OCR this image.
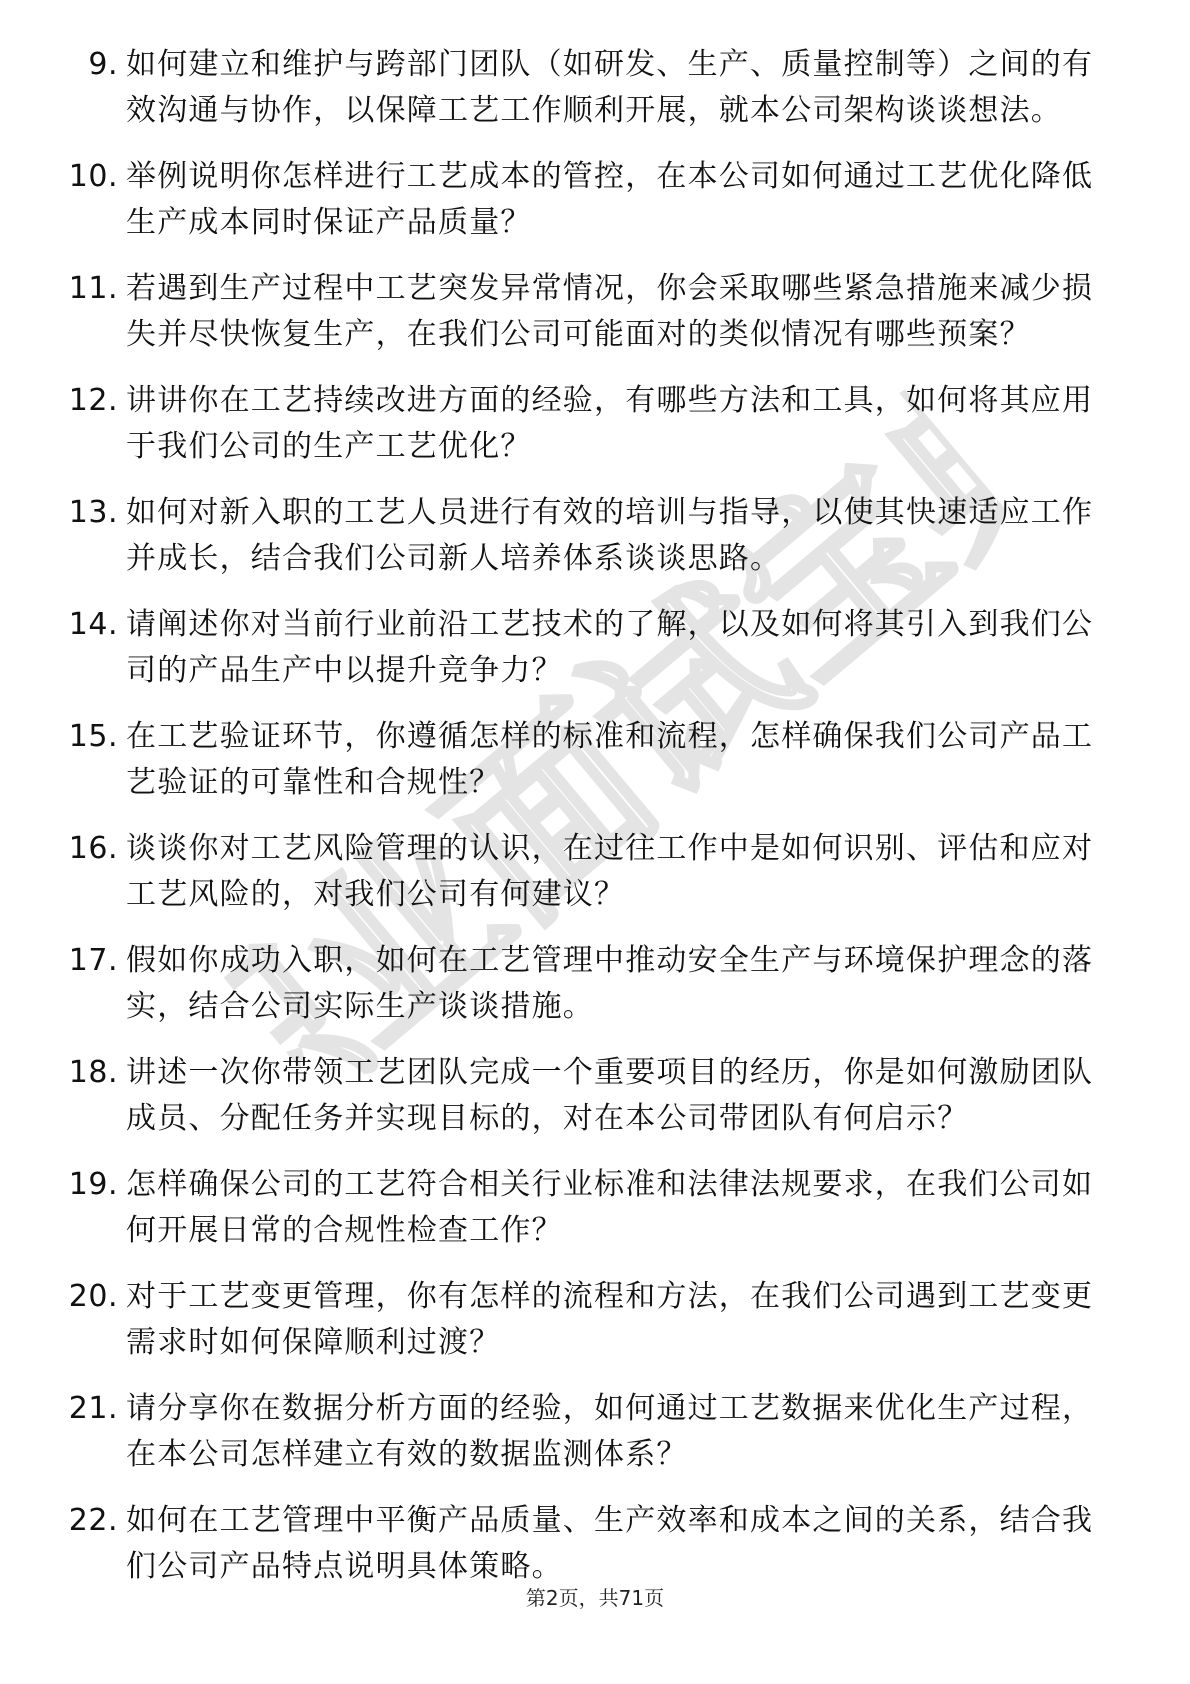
职业面试宝典
9. 如何建立和维护与跨部门团队（如研发、生产、质量控制等）之间的有效沟通与协作，以保障工艺工作顺利开展，就本公司架构谈谈想法。
10. 举例说明你怎样进行工艺成本的管控，在本公司如何通过工艺优化降低生产成本同时保证产品质量？
11. 若遇到生产过程中工艺突发异常情况，你会采取哪些紧急措施来减少损失并尽快恢复生产，在我们公司可能面对的类似情况有哪些预案？
12. 讲讲你在工艺持续改进方面的经验，有哪些方法和工具，如何将其应用于我们公司的生产工艺优化？
13. 如何对新入职的工艺人员进行有效的培训与指导，以使其快速适应工作并成长，结合我们公司新人培养体系谈谈思路。
14. 请阐述你对当前行业前沿工艺技术的了解，以及如何将其引入到我们公司的产品生产中以提升竞争力？
15. 在工艺验证环节，你遵循怎样的标准和流程，怎样确保我们公司产品工艺验证的可靠性和合规性？
16. 谈谈你对工艺风险管理的认识，在过往工作中是如何识别、评估和应对工艺风险的，对我们公司有何建议？
17. 假如你成功入职，如何在工艺管理中推动安全生产与环境保护理念的落实，结合公司实际生产谈谈措施。
18. 讲述一次你带领工艺团队完成一个重要项目的经历，你是如何激励团队成员、分配任务并实现目标的，对在本公司带团队有何启示？
19. 怎样确保公司的工艺符合相关行业标准和法律法规要求，在我们公司如何开展日常的合规性检查工作？
20. 对于工艺变更管理，你有怎样的流程和方法，在我们公司遇到工艺变更需求时如何保障顺利过渡？
21. 请分享你在数据分析方面的经验，如何通过工艺数据来优化生产过程，在本公司怎样建立有效的数据监测体系？
22. 如何在工艺管理中平衡产品质量、生产效率和成本之间的关系，结合我们公司产品特点说明具体策略。
第2页，共71页
